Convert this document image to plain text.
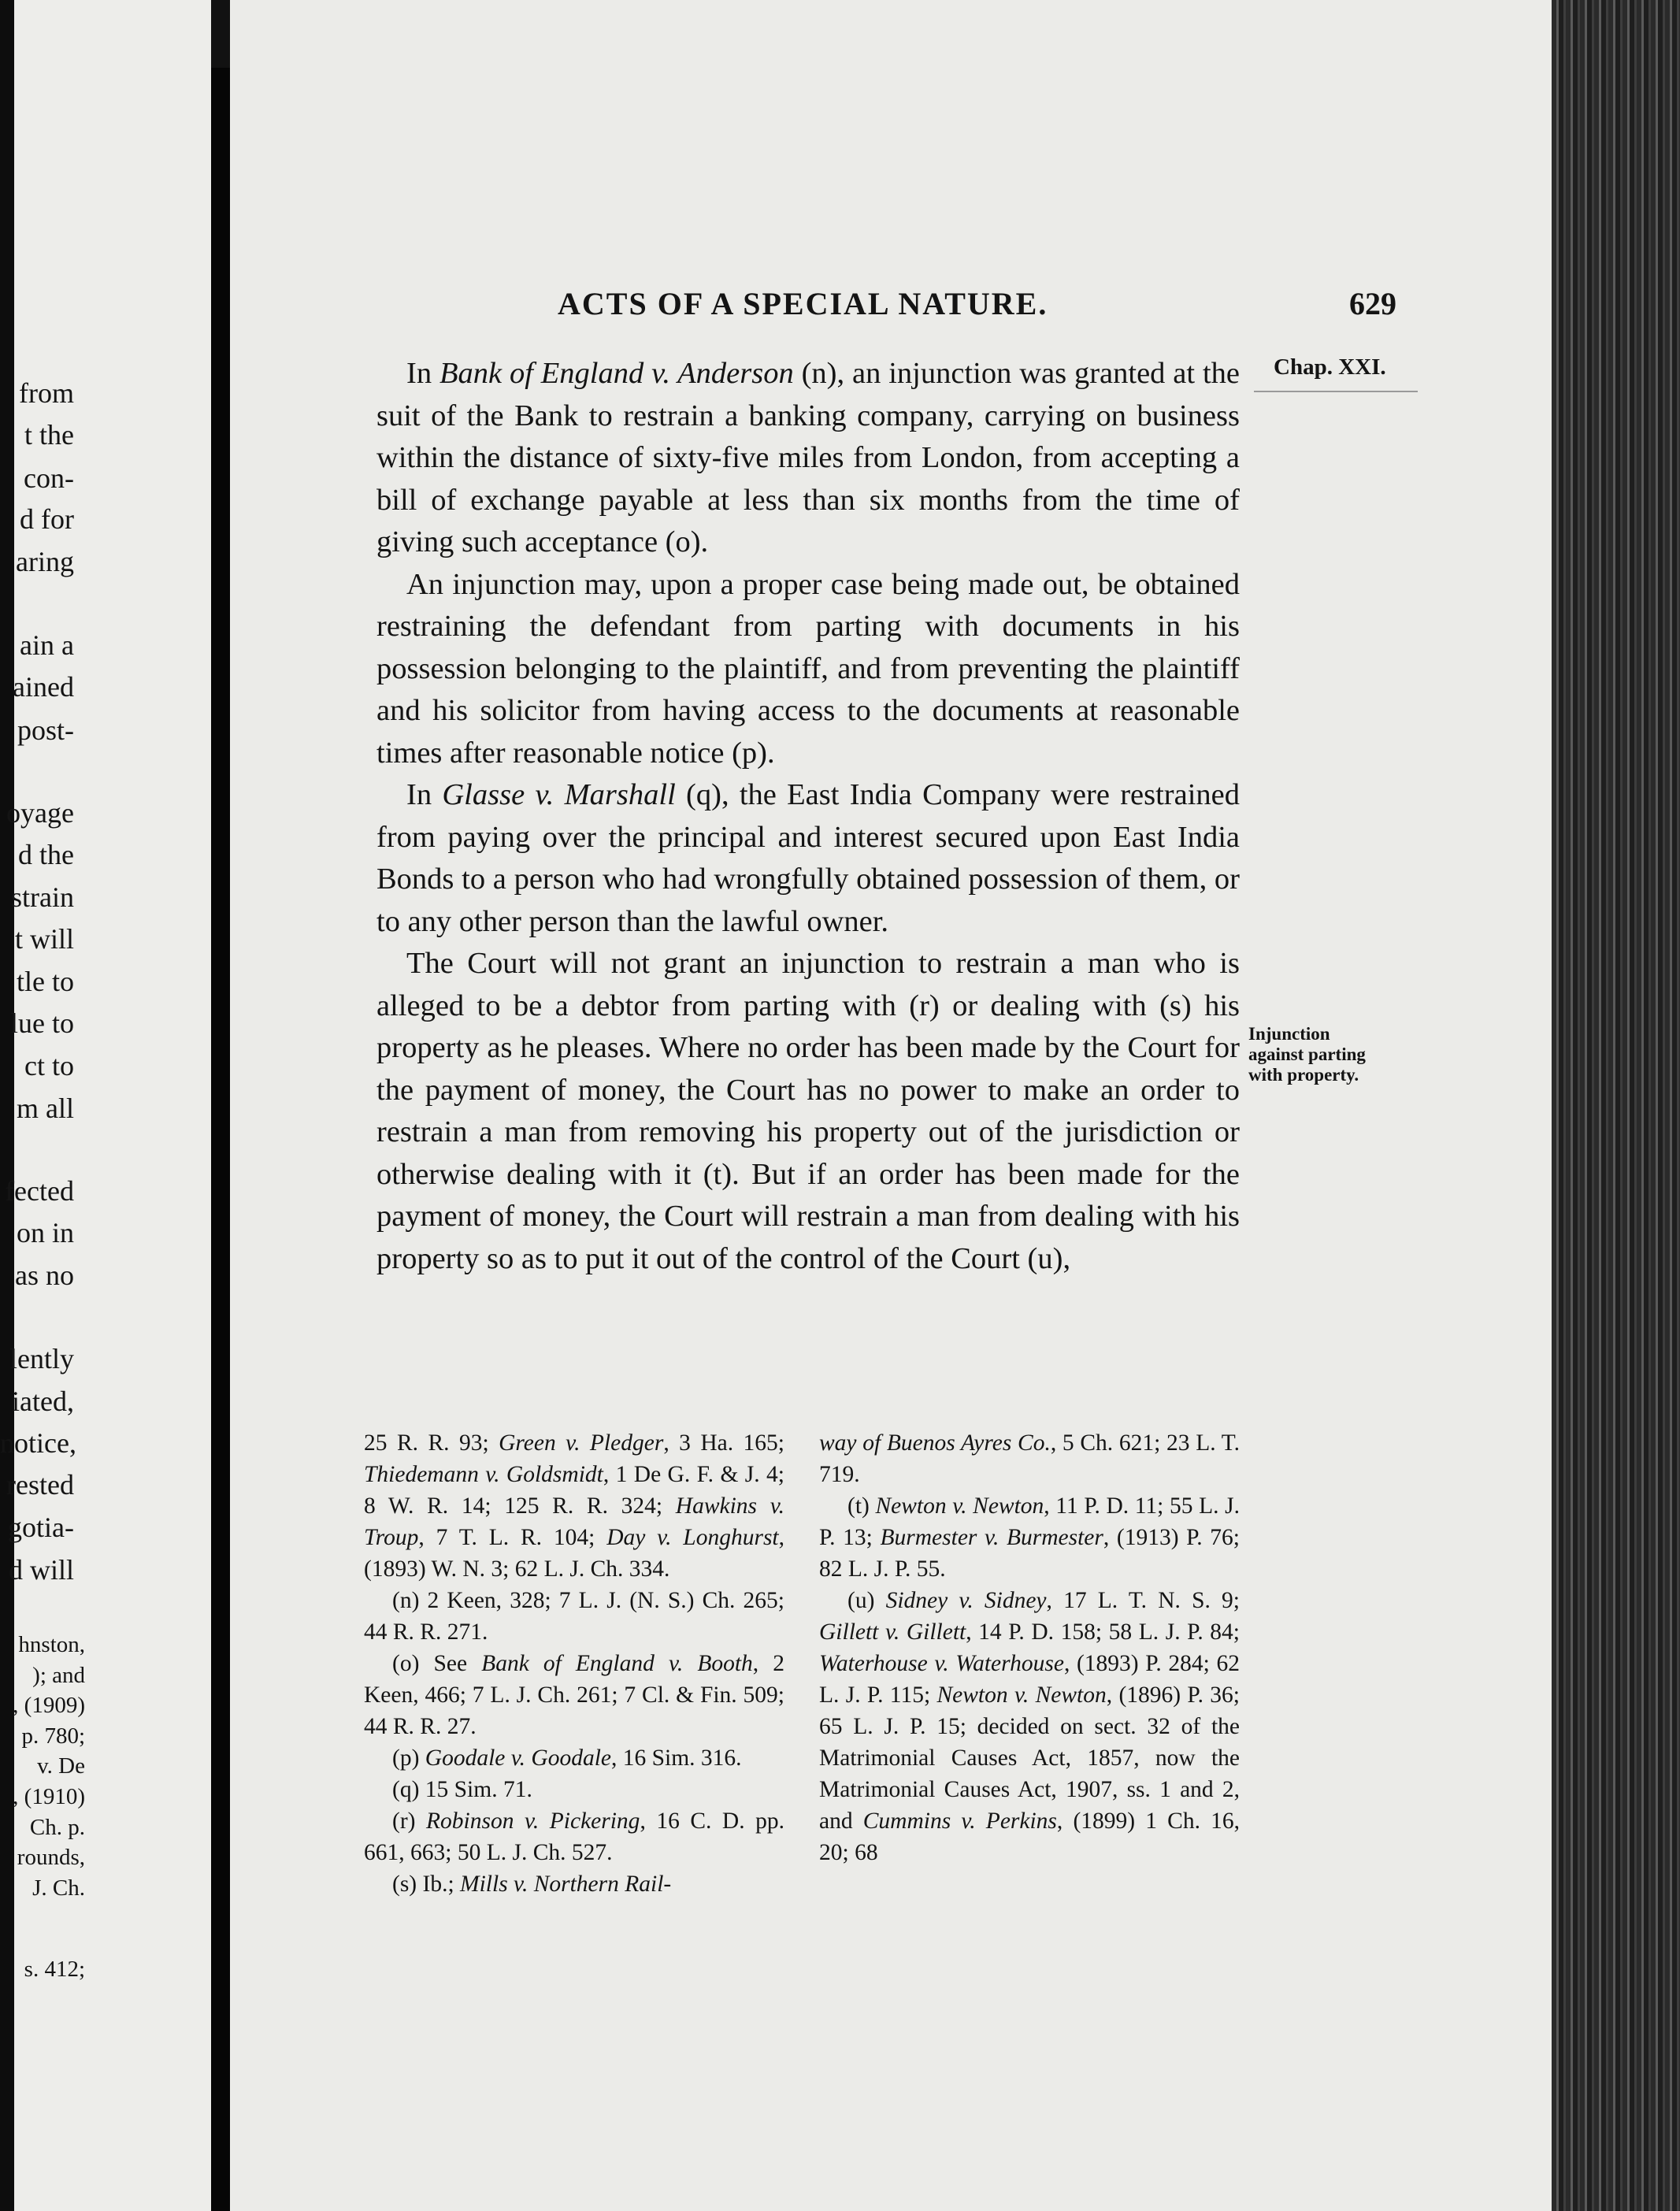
from
t the
con-
d for
aring
ain a
ained
post-
oyage
d the
strain
t will
tle to
lue to
ct to
m all
fected
on in
as no
lently
iated,
notice,
rested
gotia-
d will
hnston,
); and
, (1909)
p. 780;
v. De
, (1910)
Ch. p.
rounds,
J. Ch.
s. 412;
ACTS OF A SPECIAL NATURE.	629
Chap. XXI.
Injunction
against parting
with property.

In Bank of England v. Anderson (n), an injunction was granted at the suit of the Bank to restrain a banking company, carrying on business within the distance of sixty-five miles from London, from accepting a bill of exchange payable at less than six months from the time of giving such acceptance (o).

An injunction may, upon a proper case being made out, be obtained restraining the defendant from parting with documents in his possession belonging to the plaintiff, and from preventing the plaintiff and his solicitor from having access to the documents at reasonable times after reasonable notice (p).

In Glasse v. Marshall (q), the East India Company were restrained from paying over the principal and interest secured upon East India Bonds to a person who had wrongfully obtained possession of them, or to any other person than the lawful owner.

The Court will not grant an injunction to restrain a man who is alleged to be a debtor from parting with (r) or dealing with (s) his property as he pleases. Where no order has been made by the Court for the payment of money, the Court has no power to make an order to restrain a man from removing his property out of the jurisdiction or otherwise dealing with it (t). But if an order has been made for the payment of money, the Court will restrain a man from dealing with his property so as to put it out of the control of the Court (u),

25 R. R. 93; Green v. Pledger, 3 Ha. 165; Thiedemann v. Goldsmidt, 1 De G. F. & J. 4; 8 W. R. 14; 125 R. R. 324; Hawkins v. Troup, 7 T. L. R. 104; Day v. Longhurst, (1893) W. N. 3; 62 L. J. Ch. 334.

(n) 2 Keen, 328; 7 L. J. (N. S.) Ch. 265; 44 R. R. 271.

(o) See Bank of England v. Booth, 2 Keen, 466; 7 L. J. Ch. 261; 7 Cl. & Fin. 509; 44 R. R. 27.

(p) Goodale v. Goodale, 16 Sim. 316.

(q) 15 Sim. 71.

(r) Robinson v. Pickering, 16 C. D. pp. 661, 663; 50 L. J. Ch. 527.

(s) Ib.; Mills v. Northern Rail-

way of Buenos Ayres Co., 5 Ch. 621; 23 L. T. 719.

(t) Newton v. Newton, 11 P. D. 11; 55 L. J. P. 13; Burmester v. Burmester, (1913) P. 76; 82 L. J. P. 55.

(u) Sidney v. Sidney, 17 L. T. N. S. 9; Gillett v. Gillett, 14 P. D. 158; 58 L. J. P. 84; Waterhouse v. Waterhouse, (1893) P. 284; 62 L. J. P. 115; Newton v. Newton, (1896) P. 36; 65 L. J. P. 15; decided on sect. 32 of the Matrimonial Causes Act, 1857, now the Matrimonial Causes Act, 1907, ss. 1 and 2, and Cummins v. Perkins, (1899) 1 Ch. 16, 20; 68
